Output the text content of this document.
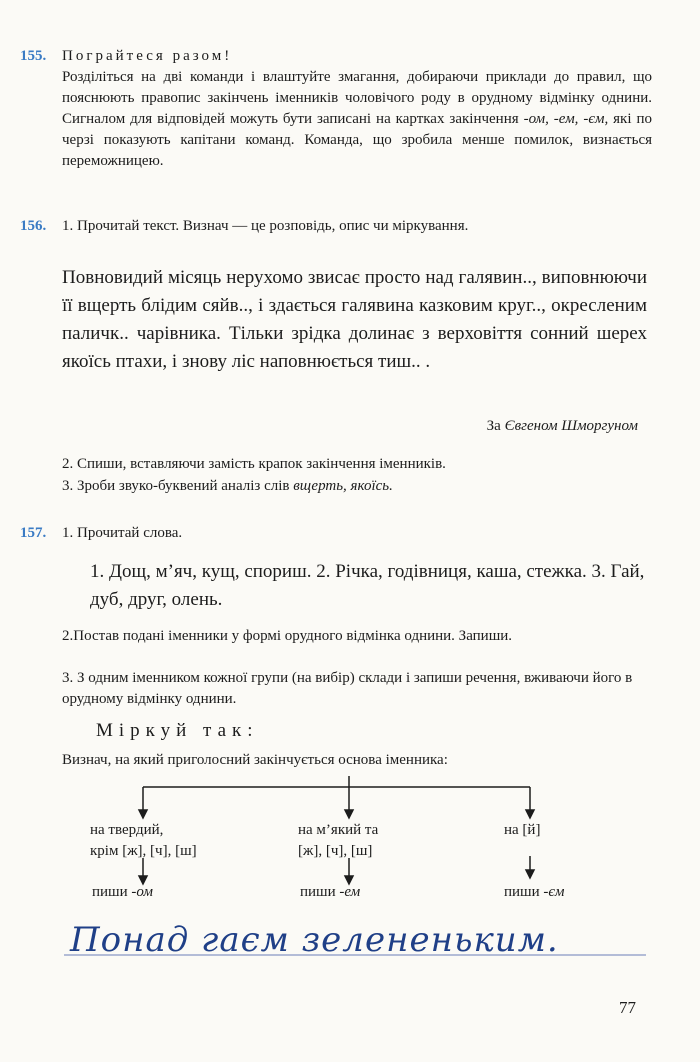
155. Пограйтеся разом!
Розділіться на дві команди і влаштуйте змагання, добираючи приклади до правил, що пояснюють правопис закінчень іменників чоловічого роду в орудному відмінку однини. Сигналом для відповідей можуть бути записані на картках закінчення -ом, -ем, -єм, які по черзі показують капітани команд. Команда, що зробила менше помилок, визнається переможницею.
156. 1. Прочитай текст. Визнач — це розповідь, опис чи міркування.

Повновидий місяць нерухомо звисає просто над галявин.., виповнюючи її вщерть блідим сяйв.., і здається галявина казковим круг.., окресленим паличк.. чарівника. Тільки зрідка долинає з верховіття сонний шерех якоїсь птахи, і знову ліс наповнюється тиш.. .

За Євгеном Шморгуном
2. Спиши, вставляючи замість крапок закінчення іменників.
3. Зроби звуко-буквений аналіз слів вщерть, якоїсь.
157. 1. Прочитай слова.
1. Дощ, м’яч, кущ, спориш. 2. Річка, годівниця, каша, стежка. 3. Гай, дуб, друг, олень.
2.Постав подані іменники у формі орудного відмінка однини. Запиши.
3. З одним іменником кожної групи (на вибір) склади і запиши речення, вживаючи його в орудному відмінку однини.
Міркуй так:
Визнач, на який приголосний закінчується основа іменника:
на твердий,
крім [ж], [ч], [ш]
на м’який та
[ж], [ч], [ш]
на [й]
пиши -ом	пиши -ем	пиши -єм
Понад гаєм зелененьким.
77
